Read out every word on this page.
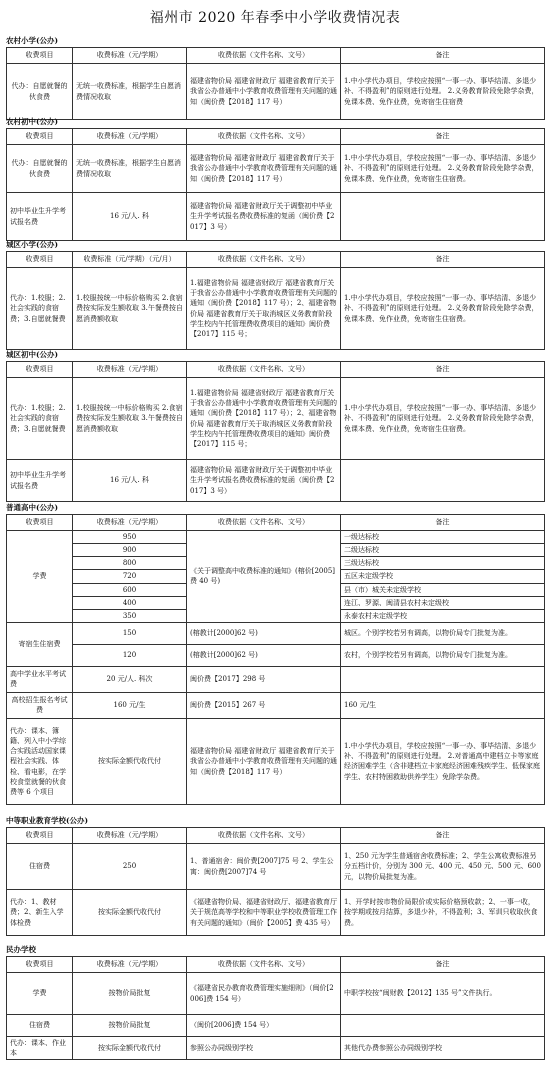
福州市 2020 年春季中小学收费情况表
农村小学(公办)
收费项目	收费标准（元/学期）	收费依据（文件名称、文号）	备注
代办：自愿就餐的伙食费	无统一收费标准，根据学生自愿消费情况收取	福建省物价局 福建省财政厅 福建省教育厅关于我省公办普通中小学教育收费管理有关问题的通知（闽价费【2018】117 号）	1.中小学代办项目，学校应按照“一事一办、事毕结清、多退少补、不得盈利”的原则进行处理。 2.义务教育阶段免除学杂费，免课本费、免作业费，免寄宿生住宿费
农村初中(公办)
收费项目	收费标准（元/学期）	收费依据（文件名称、文号）	备注
代办：自愿就餐的伙食费	无统一收费标准，根据学生自愿消费情况收取	福建省物价局 福建省财政厅 福建省教育厅关于我省公办普通中小学教育收费管理有关问题的通知（闽价费【2018】117 号）	1.中小学代办项目，学校应按照“一事一办、事毕结清、多退少补、不得盈利”的原则进行处理。 2.义务教育阶段免除学杂费，免课本费、免作业费，免寄宿生住宿费。
初中毕业生升学考试报名费	16 元/人. 科	福建省物价局 福建省财政厅关于调整初中毕业生升学考试报名费收费标准的复函（闽价费【2017】3 号）	
城区小学(公办)
收费项目	收费标准（元/学期）（元/月）	收费依据（文件名称、文号）	备注
代办：1.校服；2.社会实践的食宿费；3.自愿就餐费	1.校服按统一中标价格购买 2.食宿费按实际发生额收取 3.午餐费按自愿消费额收取	1.福建省物价局 福建省财政厅 福建省教育厅关于我省公办普通中小学教育收费管理有关问题的通知（闽价费【2018】117 号）；2、福建省物价局 福建省教育厅关于取消城区义务教育阶段学生校内午托管理费收费项目的通知》闽价费【2017】115 号；	1.中小学代办项目，学校应按照“一事一办、事毕结清、多退少补、不得盈利”的原则进行处理。 2.义务教育阶段免除学杂费，免课本费、免作业费，免寄宿生住宿费。
城区初中(公办)
收费项目	收费标准（元/学期）	收费依据（文件名称、文号）	备注
代办：1.校服；2.社会实践的食宿费；3.自愿就餐费	1.校服按统一中标价格购买 2.食宿费按实际发生额收取 3.午餐费按自愿消费额收取	1.福建省物价局 福建省财政厅 福建省教育厅关于我省公办普通中小学教育收费管理有关问题的通知（闽价费【2018】117 号）；2、福建省物价局 福建省教育厅关于取消城区义务教育阶段学生校内午托管理费收费项目的通知》闽价费【2017】115 号；	1.中小学代办项目，学校应按照“一事一办、事毕结清、多退少补、不得盈利”的原则进行处理。 2.义务教育阶段免除学杂费，免课本费、免作业费，免寄宿生住宿费。
初中毕业生升学考试报名费	16 元/人. 科	福建省物价局 福建省财政厅关于调整初中毕业生升学考试报名费收费标准的复函（闽价费【2017】3 号）	
普通高中(公办)
收费项目	收费标准（元/学期）	收费依据（文件名称、文号）	备注
学费	950	《关于调整高中收费标准的通知》(榕价[2005]费 40 号)	一级达标校
	900		二级达标校
	800		三级达标校
	720		五区未定级学校
	600		县（市）城关未定级学校
	400		连江、罗源、闽清县农村未定级校
	350		永泰农村未定级学校
寄宿生住宿费	150	(榕教计[2000]62 号)	城区。个别学校若另有调高，以物价局专门批复为准。
	120	(榕教计[2000]62 号)	农村，个别学校若另有调高，以物价局专门批复为准。
高中学业水平考试费	20 元/人. 科次	闽价费【2017】298 号	
高校招生报名考试费	160 元/生	闽价费【2015】267 号	160 元/生
代办：课本、簿籍、列入中小学综合实践活动国家课程社会实践、体检、看电影，在学校食堂就餐的伙食费等 6 个项目	按实际金额代收代付	福建省物价局 福建省财政厅 福建省教育厅关于我省公办普通中小学教育收费管理有关问题的通知（闽价费【2018】117 号）	1.中小学代办项目，学校应按照“一事一办、事毕结清、多退少补、不得盈利”的原则进行处理。 2.对普通高中建档立卡等家庭经济困难学生（含非建档立卡家庭经济困难残疾学生、低保家庭学生、农村特困救助供养学生）免除学杂费。
中等职业教育学校(公办)
收费项目	收费标准（元/学期）	收费依据（文件名称、文号）	备注
住宿费	250	1、普通宿舍：闽价费[2007]75 号 2、学生公寓：闽价费[2007]74 号	1、250 元为学生普通宿舍收费标准；2、学生公寓收费标准另分五档计价，分别为 300 元、400 元、450 元、500 元、600 元，以物价局批复为准。
代办：1、教材费；2、新生入学体检费	按实际金额代收代付	《福建省物价局、福建省财政厅、福建省教育厅关于规范高等学校和中等职业学校收费管理工作有关问题的通知》（闽价【2005】费 435 号）	1、开学时按市物价局限价或实际价格预收款；2、一事一收，按学期或按月结算，多退少补，不得盈利；3、军训只收取伙食费。
民办学校
收费项目	收费标准（元/学期）	收费依据（文件名称、文号）	备注
学费	按物价局批复	《福建省民办教育收费管理实施细则》（闽价[2006]费 154 号）	中职学校按“闽财教【2012】135 号”文件执行。
住宿费	按物价局批复	（闽价[2006]费 154 号）	
代办：课本、作业本	按实际金额代收代付	参照公办同级别学校	其他代办费参照公办同级别学校
